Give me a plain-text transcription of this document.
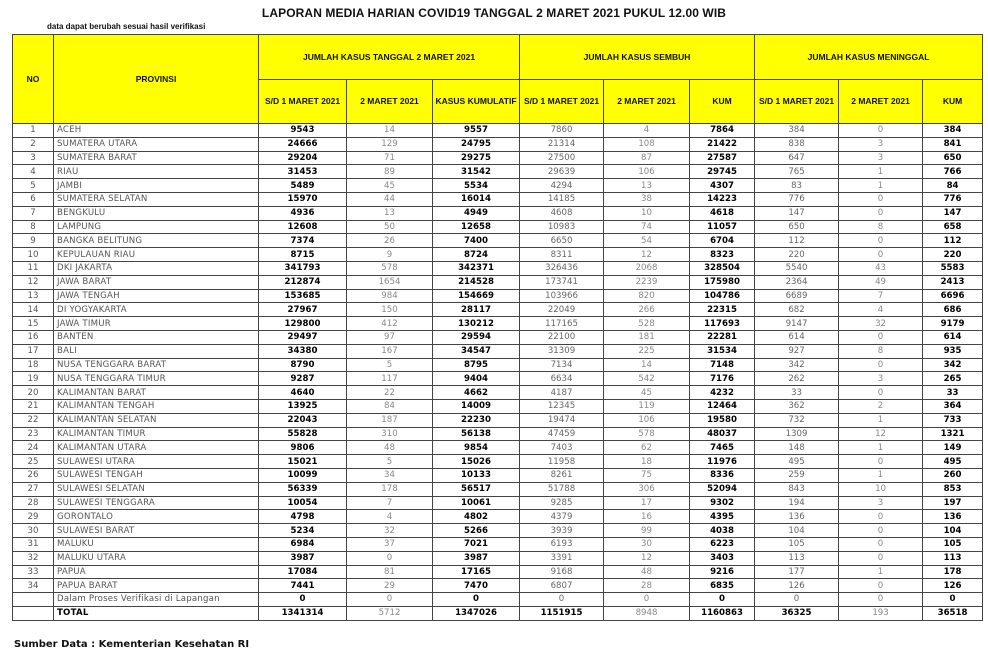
LAPORAN MEDIA HARIAN COVID19 TANGGAL 2 MARET 2021 PUKUL 12.00 WIB
data dapat berubah sesuai hasil verifikasi
NO	PROVINSI	JUMLAH KASUS TANGGAL 2 MARET 2021			JUMLAH KASUS SEMBUH			JUMLAH KASUS MENINGGAL		
		S/D 1 MARET 2021	2 MARET 2021	KASUS KUMULATIF	S/D 1 MARET 2021	2 MARET 2021	KUM	S/D 1 MARET 2021	2 MARET 2021	KUM
1	ACEH	9543	14	9557	7860	4	7864	384	0	384
2	SUMATERA UTARA	24666	129	24795	21314	108	21422	838	3	841
3	SUMATERA BARAT	29204	71	29275	27500	87	27587	647	3	650
4	RIAU	31453	89	31542	29639	106	29745	765	1	766
5	JAMBI	5489	45	5534	4294	13	4307	83	1	84
6	SUMATERA SELATAN	15970	44	16014	14185	38	14223	776	0	776
7	BENGKULU	4936	13	4949	4608	10	4618	147	0	147
8	LAMPUNG	12608	50	12658	10983	74	11057	650	8	658
9	BANGKA BELITUNG	7374	26	7400	6650	54	6704	112	0	112
10	KEPULAUAN RIAU	8715	9	8724	8311	12	8323	220	0	220
11	DKI JAKARTA	341793	578	342371	326436	2068	328504	5540	43	5583
12	JAWA BARAT	212874	1654	214528	173741	2239	175980	2364	49	2413
13	JAWA TENGAH	153685	984	154669	103966	820	104786	6689	7	6696
14	DI YOGYAKARTA	27967	150	28117	22049	266	22315	682	4	686
15	JAWA TIMUR	129800	412	130212	117165	528	117693	9147	32	9179
16	BANTEN	29497	97	29594	22100	181	22281	614	0	614
17	BALI	34380	167	34547	31309	225	31534	927	8	935
18	NUSA TENGGARA BARAT	8790	5	8795	7134	14	7148	342	0	342
19	NUSA TENGGARA TIMUR	9287	117	9404	6634	542	7176	262	3	265
20	KALIMANTAN BARAT	4640	22	4662	4187	45	4232	33	0	33
21	KALIMANTAN TENGAH	13925	84	14009	12345	119	12464	362	2	364
22	KALIMANTAN SELATAN	22043	187	22230	19474	106	19580	732	1	733
23	KALIMANTAN TIMUR	55828	310	56138	47459	578	48037	1309	12	1321
24	KALIMANTAN UTARA	9806	48	9854	7403	62	7465	148	1	149
25	SULAWESI UTARA	15021	5	15026	11958	18	11976	495	0	495
26	SULAWESI TENGAH	10099	34	10133	8261	75	8336	259	1	260
27	SULAWESI SELATAN	56339	178	56517	51788	306	52094	843	10	853
28	SULAWESI TENGGARA	10054	7	10061	9285	17	9302	194	3	197
29	GORONTALO	4798	4	4802	4379	16	4395	136	0	136
30	SULAWESI BARAT	5234	32	5266	3939	99	4038	104	0	104
31	MALUKU	6984	37	7021	6193	30	6223	105	0	105
32	MALUKU UTARA	3987	0	3987	3391	12	3403	113	0	113
33	PAPUA	17084	81	17165	9168	48	9216	177	1	178
34	PAPUA BARAT	7441	29	7470	6807	28	6835	126	0	126
	Dalam Proses Verifikasi di Lapangan	0	0	0	0	0	0	0	0	0
	TOTAL	1341314	5712	1347026	1151915	8948	1160863	36325	193	36518
Sumber Data : Kementerian Kesehatan RI
